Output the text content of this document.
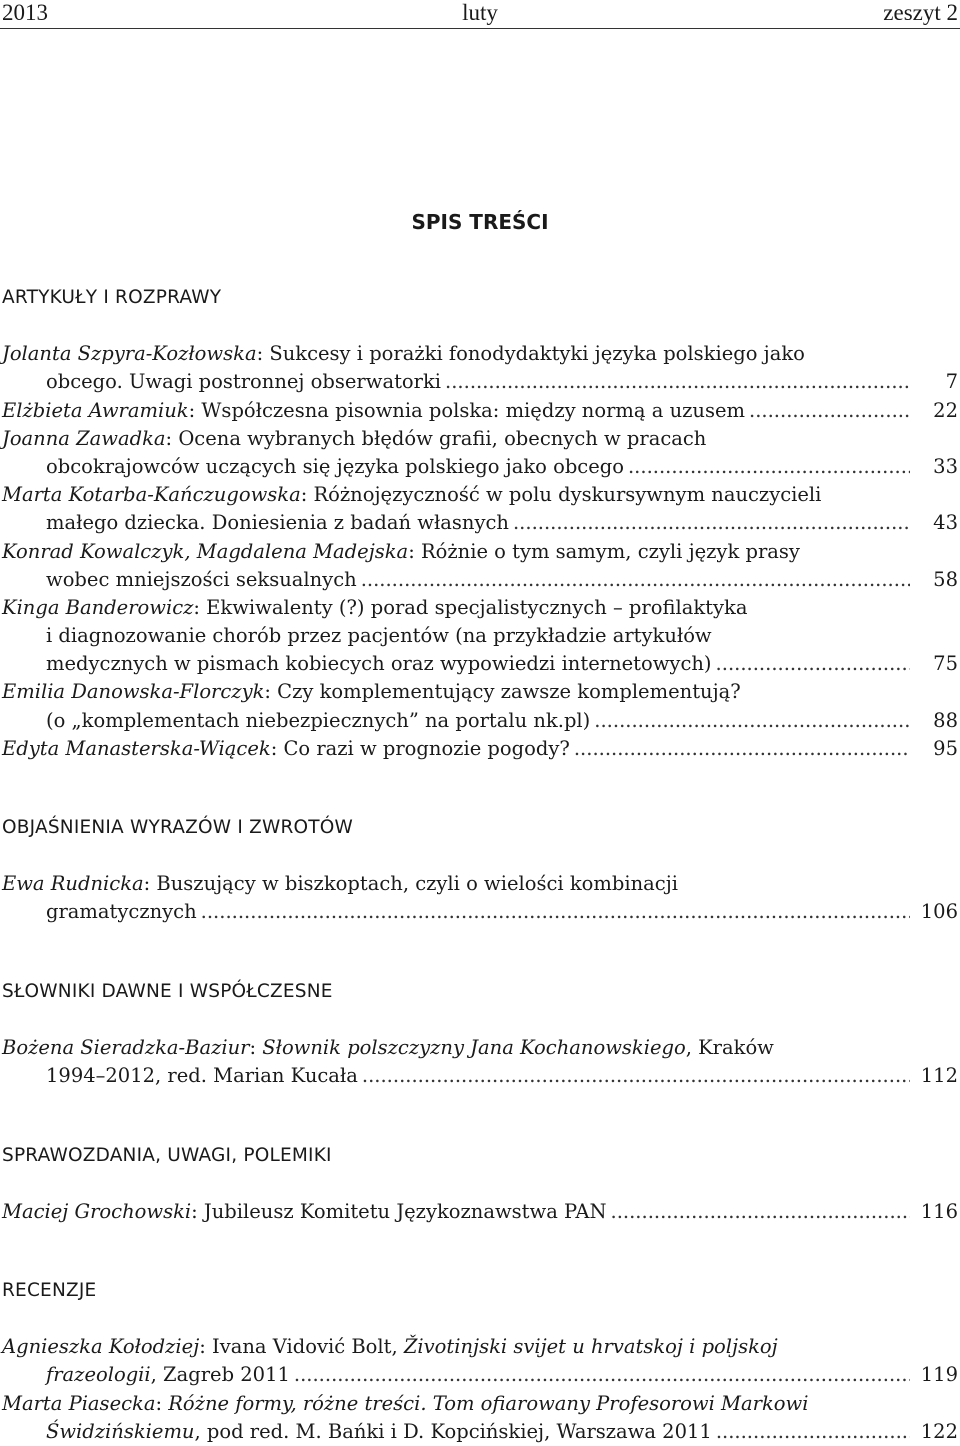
luty
2013	zeszyt 2
SPIS TREŚCI
ARTYKUŁY I ROZPRAWY
Jolanta Szpyra-Kozłowska: Sukcesy i porażki fonodydaktyki języka polskiego jako
obcego. Uwagi postronnej obserwatorki .....	7
Elżbieta Awramiuk: Współczesna pisownia polska: między normą a uzusem .....	22
Joanna Zawadka: Ocena wybranych błędów grafii, obecnych w pracach
obcokrajowców uczących się języka polskiego jako obcego .....	33
Marta Kotarba-Kańczugowska: Różnojęzyczność w polu dyskursywnym nauczycieli
małego dziecka. Doniesienia z badań własnych .....	43
Konrad Kowalczyk, Magdalena Madejska: Różnie o tym samym, czyli język prasy
wobec mniejszości seksualnych .....	58
Kinga Banderowicz: Ekwiwalenty (?) porad specjalistycznych – profilaktyka
i diagnozowanie chorób przez pacjentów (na przykładzie artykułów
medycznych w pismach kobiecych oraz wypowiedzi internetowych) .....	75
Emilia Danowska-Florczyk: Czy komplementujący zawsze komplementują?
(o „komplementach niebezpiecznych” na portalu nk.pl) .....	88
Edyta Manasterska-Wiącek: Co razi w prognozie pogody? .....	95
OBJAŚNIENIA WYRAZÓW I ZWROTÓW
Ewa Rudnicka: Buszujący w biszkoptach, czyli o wielości kombinacji
gramatycznych .....	106
SŁOWNIKI DAWNE I WSPÓŁCZESNE
Bożena Sieradzka-Baziur: Słownik polszczyzny Jana Kochanowskiego, Kraków
1994–2012, red. Marian Kucała .....	112
SPRAWOZDANIA, UWAGI, POLEMIKI
Maciej Grochowski: Jubileusz Komitetu Językoznawstwa PAN .....	116
RECENZJE
Agnieszka Kołodziej: Ivana Vidović Bolt, Životinjski svijet u hrvatskoj i poljskoj
frazeologii, Zagreb 2011 .....	119
Marta Piasecka: Różne formy, różne treści. Tom ofiarowany Profesorowi Markowi
Świdzińskiemu, pod red. M. Bańki i D. Kopcińskiej, Warszawa 2011 .....	122
